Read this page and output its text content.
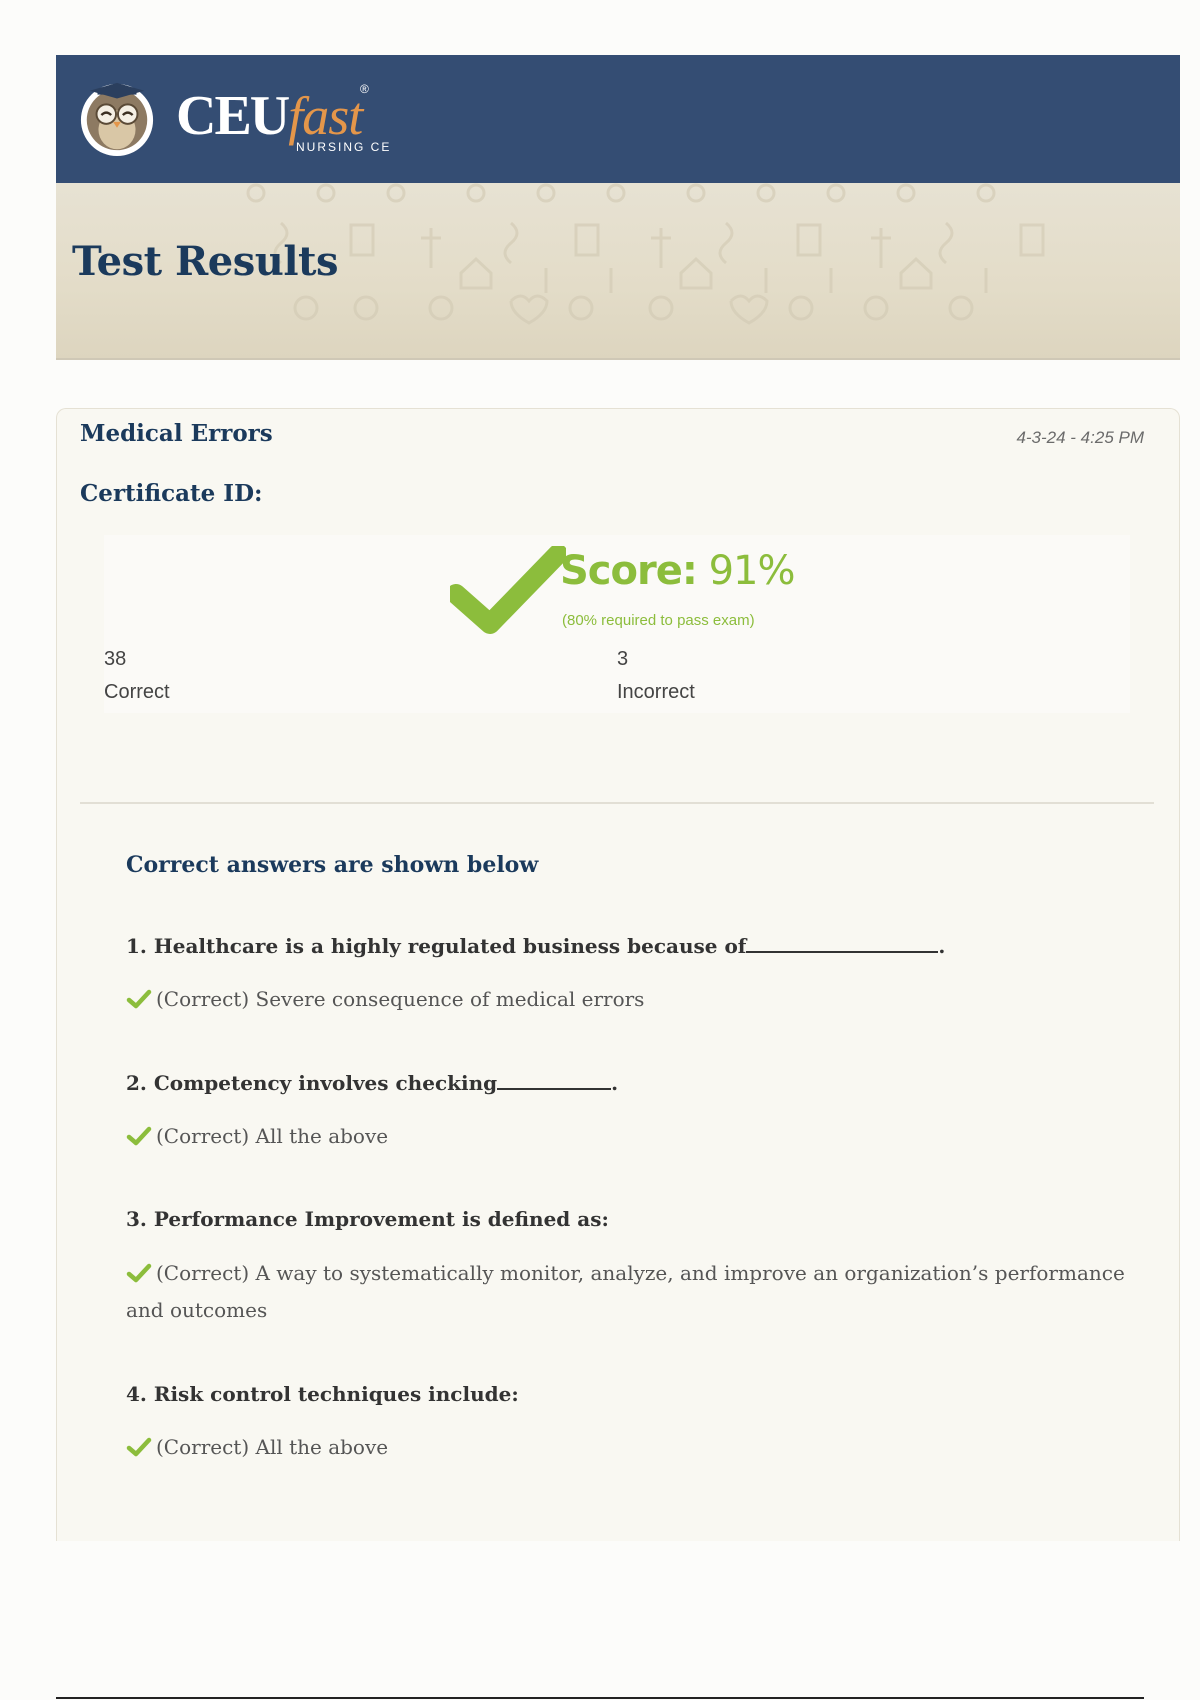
CEUfast
®
NURSING CE
Test Results
Medical Errors	4-3-24 - 4:25 PM
Certificate ID:
Score: 91%
(80% required to pass exam)
38
Correct
3
Incorrect
Correct answers are shown below
1. Healthcare is a highly regulated business because of	.
(Correct) Severe consequence of medical errors
2. Competency involves checking	.
(Correct) All the above
3. Performance Improvement is defined as:
(Correct) A way to systematically monitor, analyze, and improve an organization’s performance and outcomes
4. Risk control techniques include:
(Correct) All the above
